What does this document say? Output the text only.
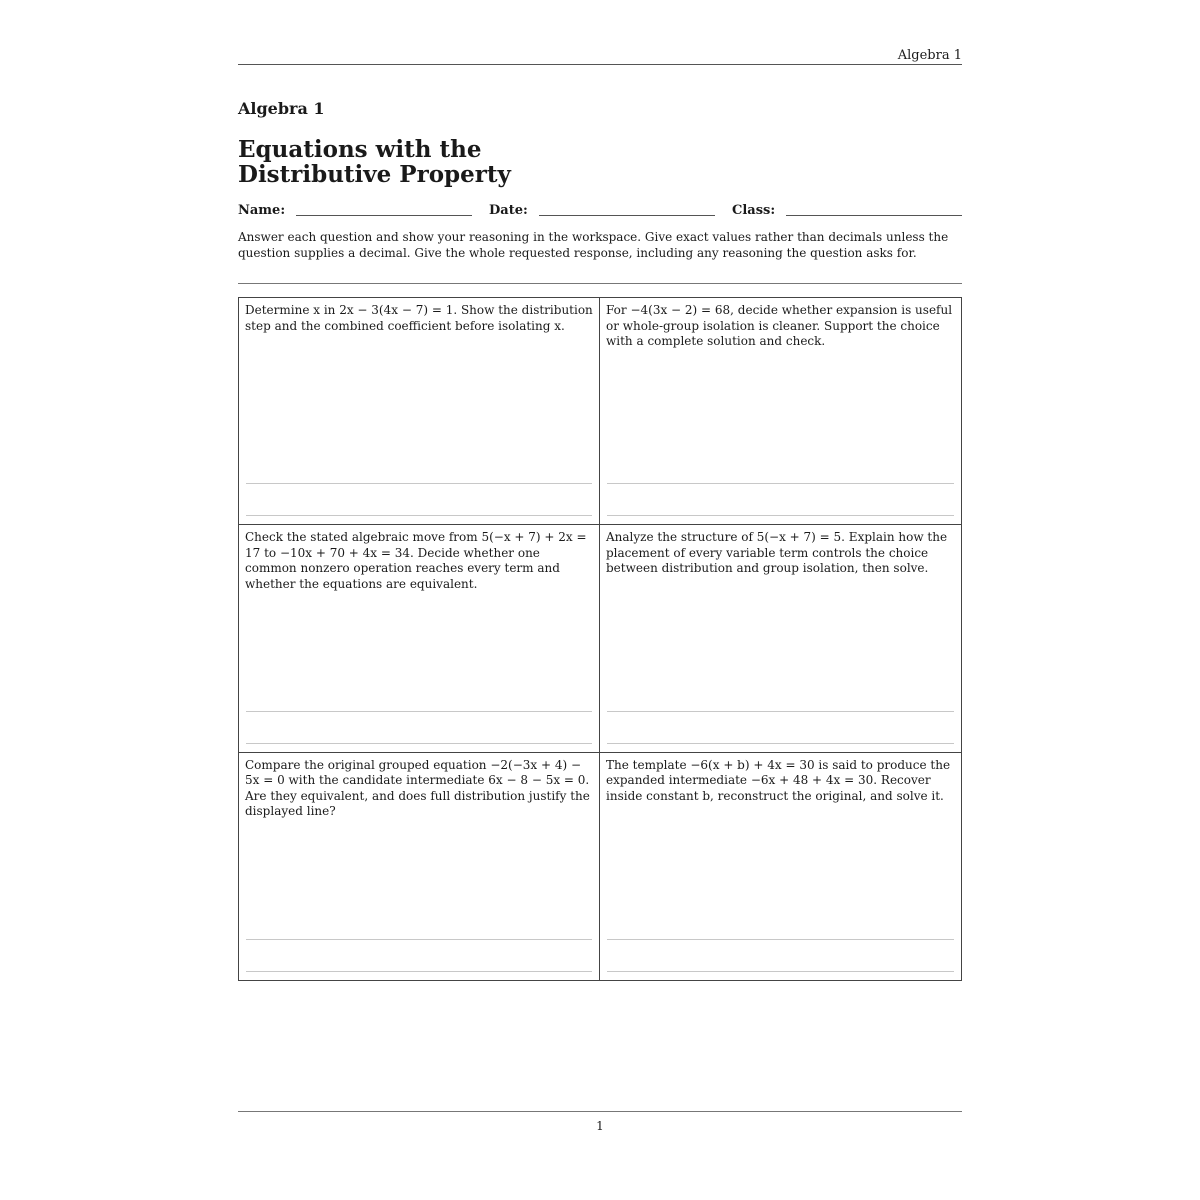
Algebra 1
Algebra 1
Equations with the
Distributive Property
Name:	Date:	Class:

Answer each question and show your reasoning in the workspace. Give exact values rather than decimals unless the question supplies a decimal. Give the whole requested response, including any reasoning the question asks for.

Determine x in 2x − 3(4x − 7) = 1. Show the distribution step and the combined coefficient before isolating x.

For −4(3x − 2) = 68, decide whether expansion is useful or whole-group isolation is cleaner. Support the choice with a complete solution and check.

Check the stated algebraic move from 5(−x + 7) + 2x = 17 to −10x + 70 + 4x = 34. Decide whether one common nonzero operation reaches every term and whether the equations are equivalent.

Analyze the structure of 5(−x + 7) = 5. Explain how the placement of every variable term controls the choice between distribution and group isolation, then solve.

Compare the original grouped equation −2(−3x + 4) − 5x = 0 with the candidate intermediate 6x − 8 − 5x = 0. Are they equivalent, and does full distribution justify the displayed line?

The template −6(x + b) + 4x = 30 is said to produce the expanded intermediate −6x + 48 + 4x = 30. Recover inside constant b, reconstruct the original, and solve it.

1
